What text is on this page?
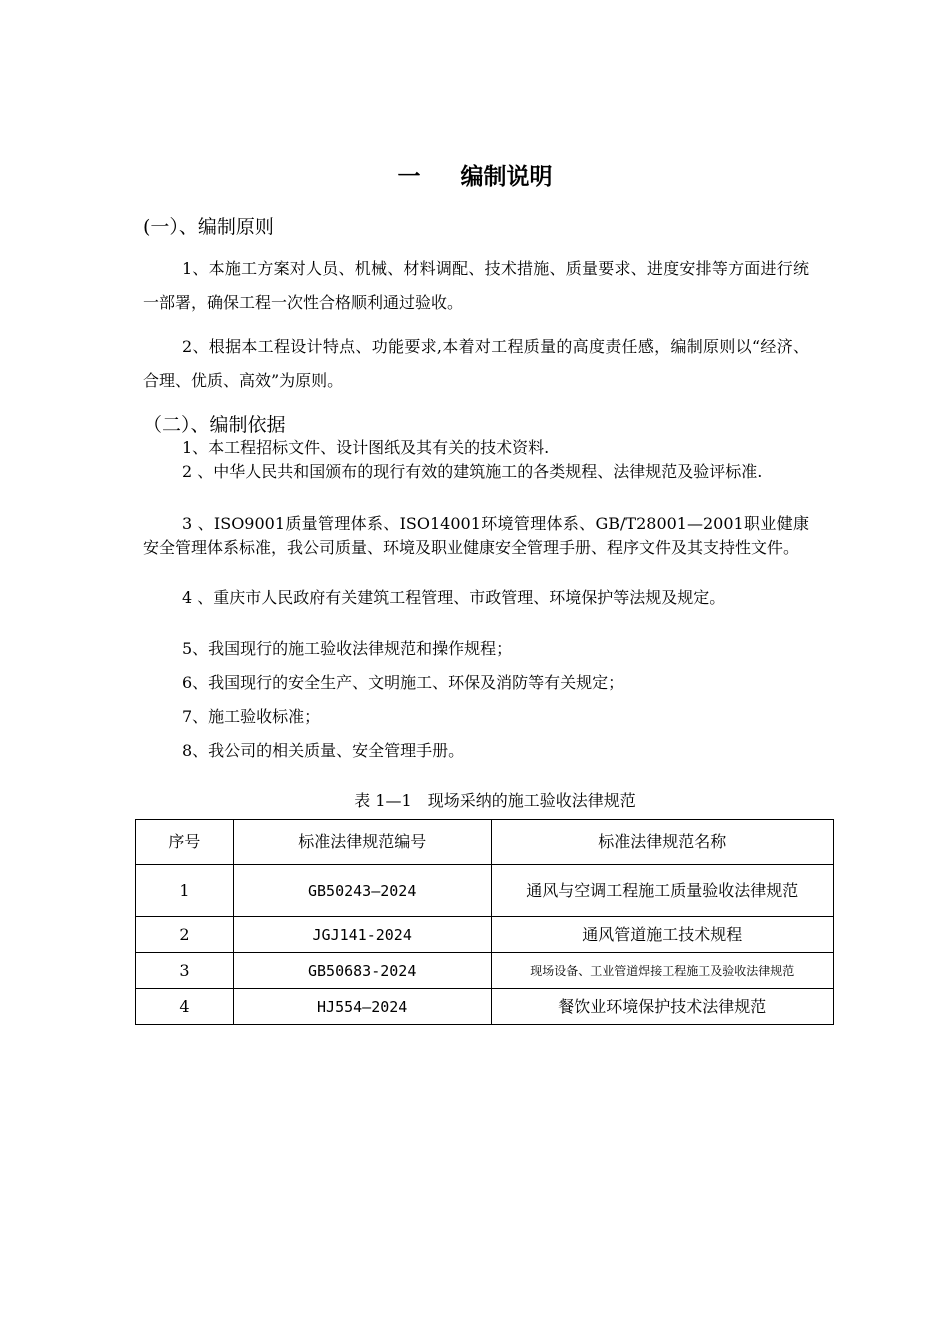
一 编制说明
(一）、编制原则
1、本施工方案对人员、机械、材料调配、技术措施、质量要求、进度安排等方面进行统一部署，确保工程一次性合格顺利通过验收。
2、根据本工程设计特点、功能要求,本着对工程质量的高度责任感，编制原则以“经济、合理、优质、高效”为原则。
（二）、编制依据
1、本工程招标文件、设计图纸及其有关的技术资料.
2 、中华人民共和国颁布的现行有效的建筑施工的各类规程、法律规范及验评标准.
3 、ISO9001质量管理体系、ISO14001环境管理体系、GB/T28001—2001职业健康安全管理体系标准，我公司质量、环境及职业健康安全管理手册、程序文件及其支持性文件。
4 、重庆市人民政府有关建筑工程管理、市政管理、环境保护等法规及规定。
5、我国现行的施工验收法律规范和操作规程；
6、我国现行的安全生产、文明施工、环保及消防等有关规定；
7、施工验收标准；
8、我公司的相关质量、安全管理手册。
表 1—1　现场采纳的施工验收法律规范
序号	标准法律规范编号	标准法律规范名称
1	GB50243—2024	通风与空调工程施工质量验收法律规范
2	JGJ141-2024	通风管道施工技术规程
3	GB50683-2024	现场设备、工业管道焊接工程施工及验收法律规范
4	HJ554—2024	餐饮业环境保护技术法律规范
